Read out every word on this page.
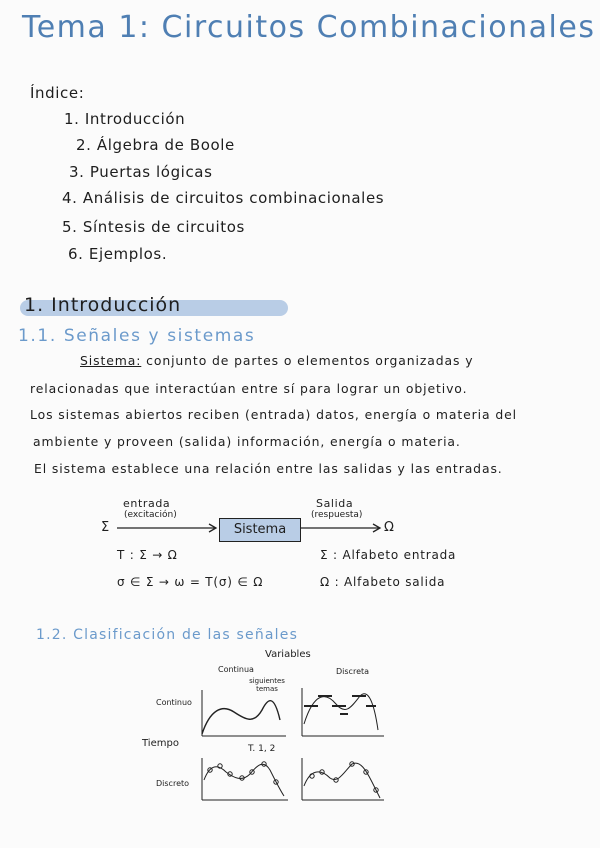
Tema 1: Circuitos Combinacionales
Índice:
1. Introducción
2. Álgebra de Boole
3. Puertas lógicas
4. Análisis de circuitos combinacionales
5. Síntesis de circuitos
6. Ejemplos.
1. Introducción
1.1. Señales y sistemas
Sistema: conjunto de partes o elementos organizadas y
relacionadas que interactúan entre sí para lograr un objetivo.
Los sistemas abiertos reciben (entrada) datos, energía o materia del
ambiente y proveen (salida) información, energía o materia.
El sistema establece una relación entre las salidas y las entradas.
entrada
(excitación)
Σ	Sistema
Salida
(respuesta)
Ω
T : Σ → Ω
σ ∈ Σ → ω = T(σ) ∈ Ω
Σ : Alfabeto entrada
Ω : Alfabeto salida
1.2. Clasificación de las señales
Variables
Continua	Discreta
siguientes temas
Tiempo
Continuo
Discreto
T. 1, 2
